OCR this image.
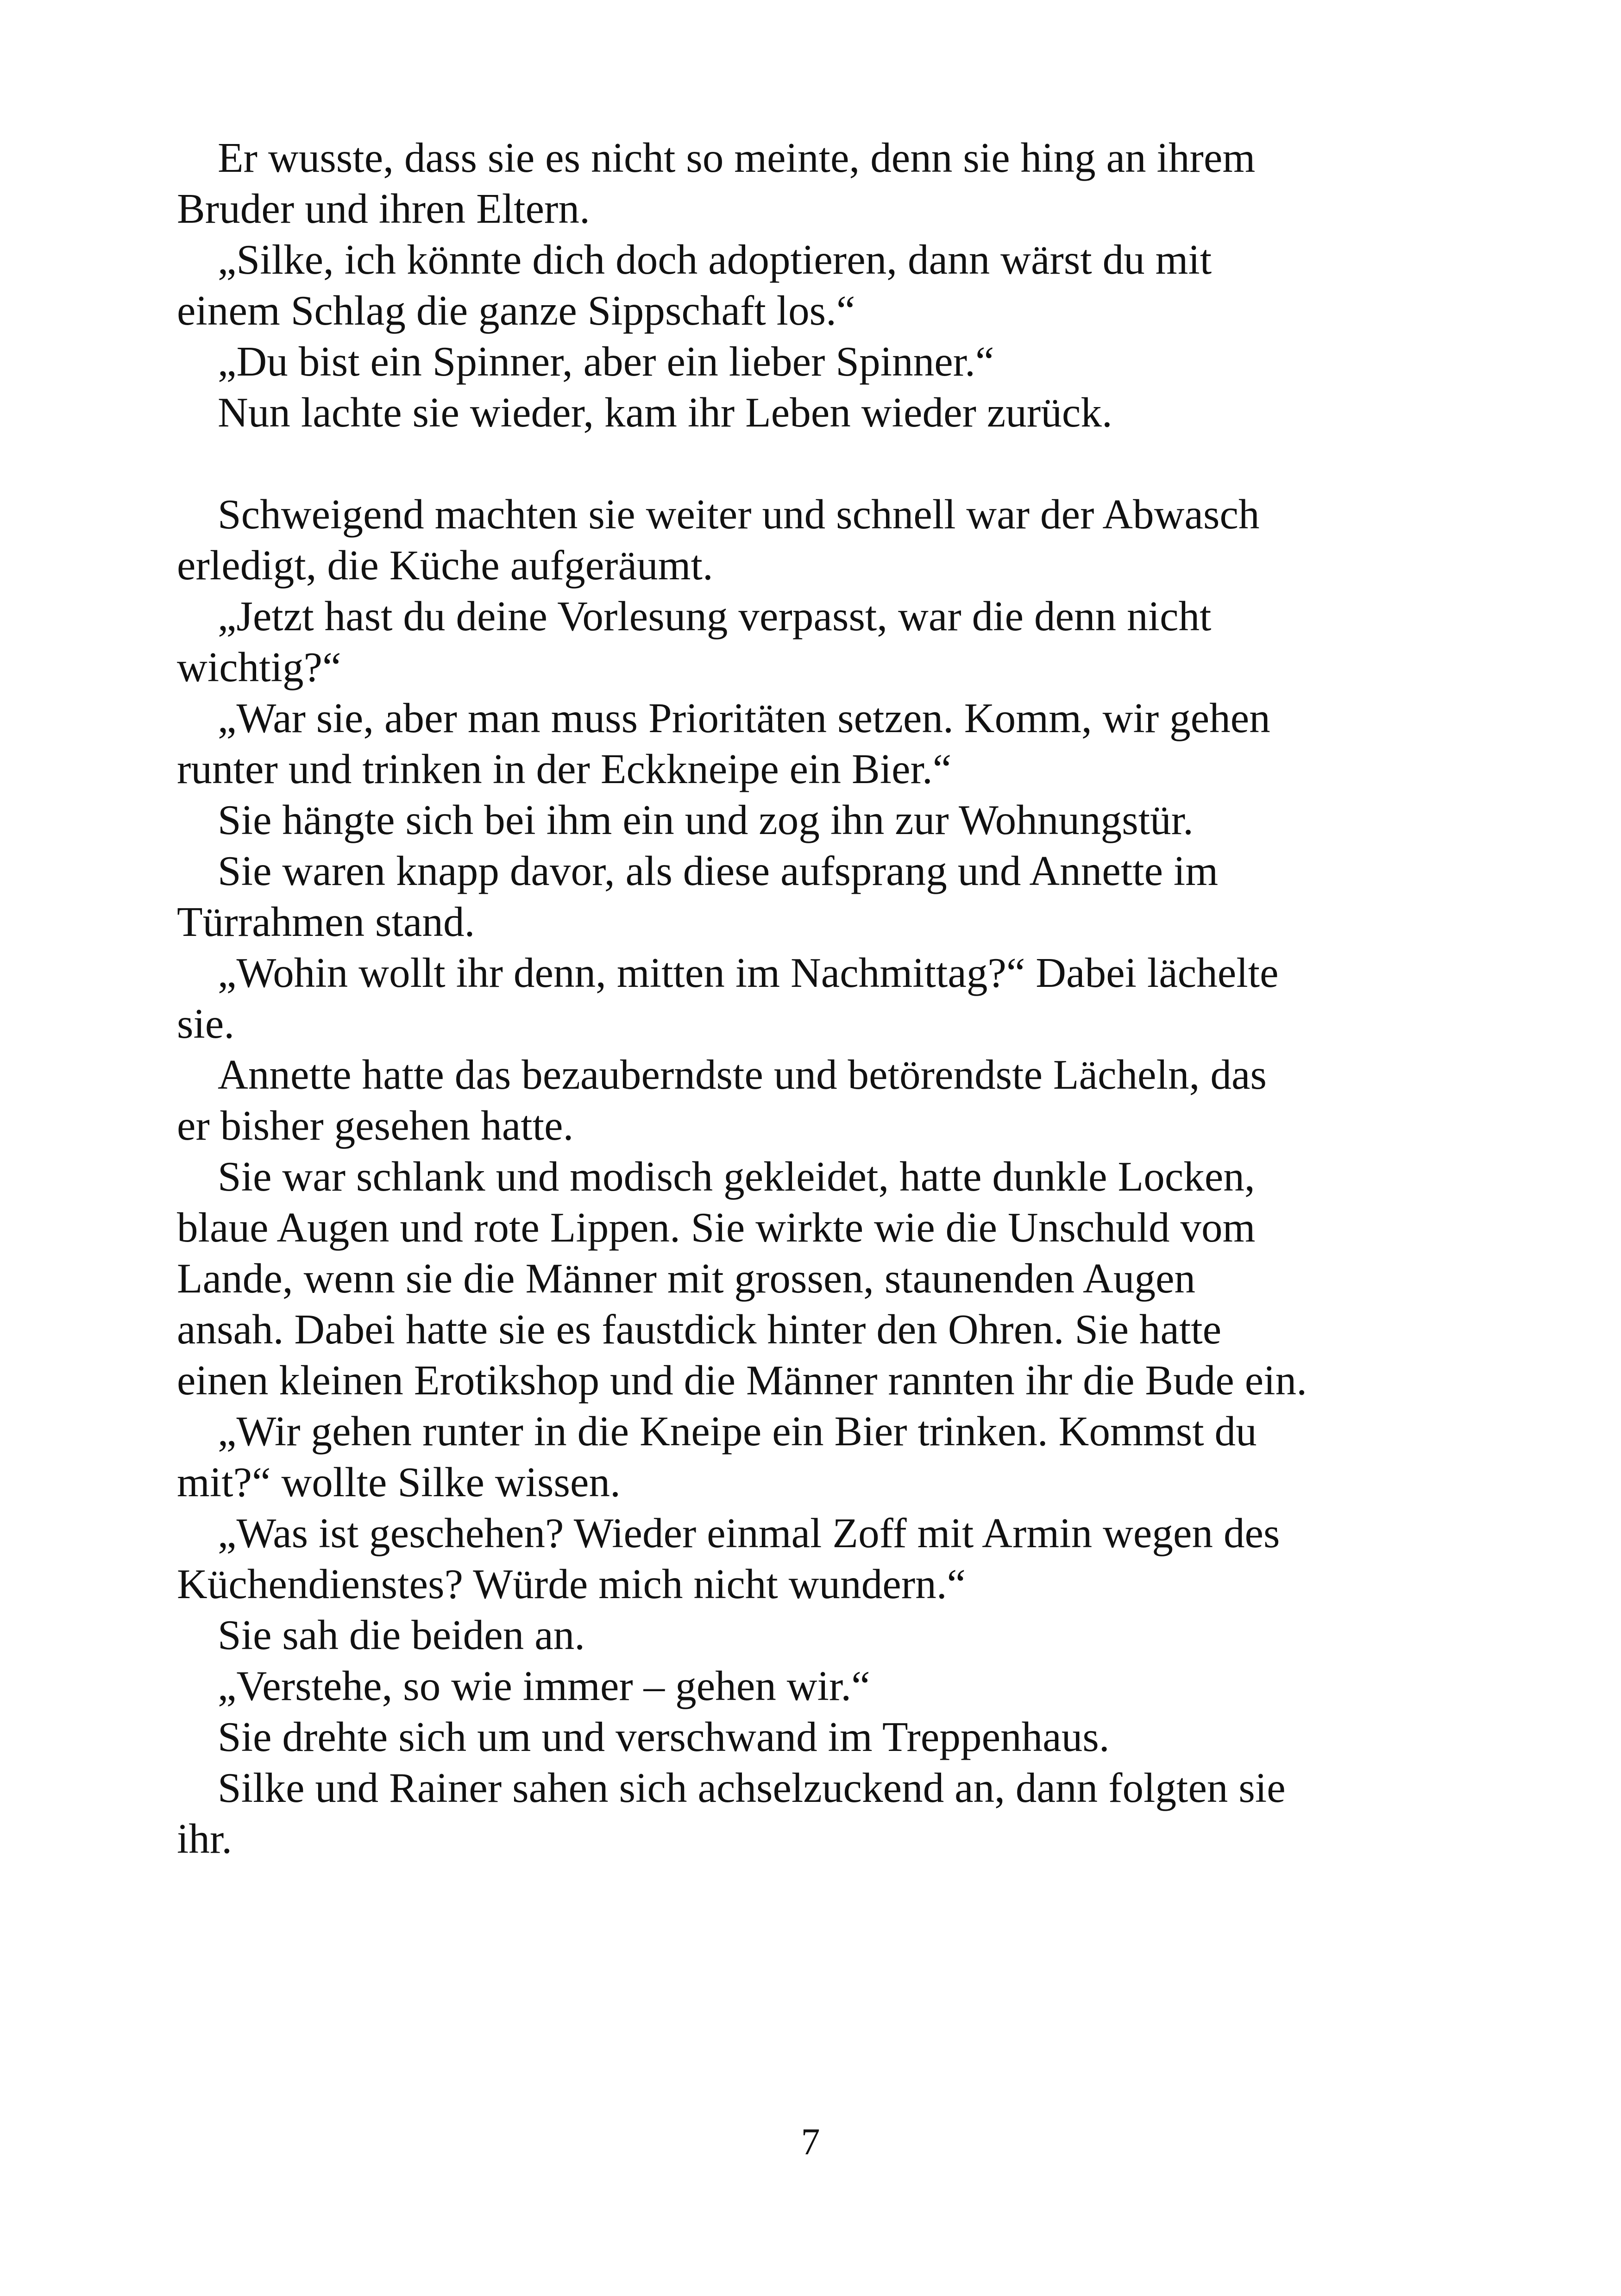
Er wusste, dass sie es nicht so meinte, denn sie hing an ihrem
Bruder und ihren Eltern.
„Silke, ich könnte dich doch adoptieren, dann wärst du mit
einem Schlag die ganze Sippschaft los.“
„Du bist ein Spinner, aber ein lieber Spinner.“
Nun lachte sie wieder, kam ihr Leben wieder zurück.
Schweigend machten sie weiter und schnell war der Abwasch
erledigt, die Küche aufgeräumt.
„Jetzt hast du deine Vorlesung verpasst, war die denn nicht
wichtig?“
„War sie, aber man muss Prioritäten setzen. Komm, wir gehen
runter und trinken in der Eckkneipe ein Bier.“
Sie hängte sich bei ihm ein und zog ihn zur Wohnungstür.
Sie waren knapp davor, als diese aufsprang und Annette im
Türrahmen stand.
„Wohin wollt ihr denn, mitten im Nachmittag?“ Dabei lächelte
sie.
Annette hatte das bezauberndste und betörendste Lächeln, das
er bisher gesehen hatte.
Sie war schlank und modisch gekleidet, hatte dunkle Locken,
blaue Augen und rote Lippen. Sie wirkte wie die Unschuld vom
Lande, wenn sie die Männer mit grossen, staunenden Augen
ansah. Dabei hatte sie es faustdick hinter den Ohren. Sie hatte
einen kleinen Erotikshop und die Männer rannten ihr die Bude ein.
„Wir gehen runter in die Kneipe ein Bier trinken. Kommst du
mit?“ wollte Silke wissen.
„Was ist geschehen? Wieder einmal Zoff mit Armin wegen des
Küchendienstes? Würde mich nicht wundern.“
Sie sah die beiden an.
„Verstehe, so wie immer – gehen wir.“
Sie drehte sich um und verschwand im Treppenhaus.
Silke und Rainer sahen sich achselzuckend an, dann folgten sie
ihr.
7
